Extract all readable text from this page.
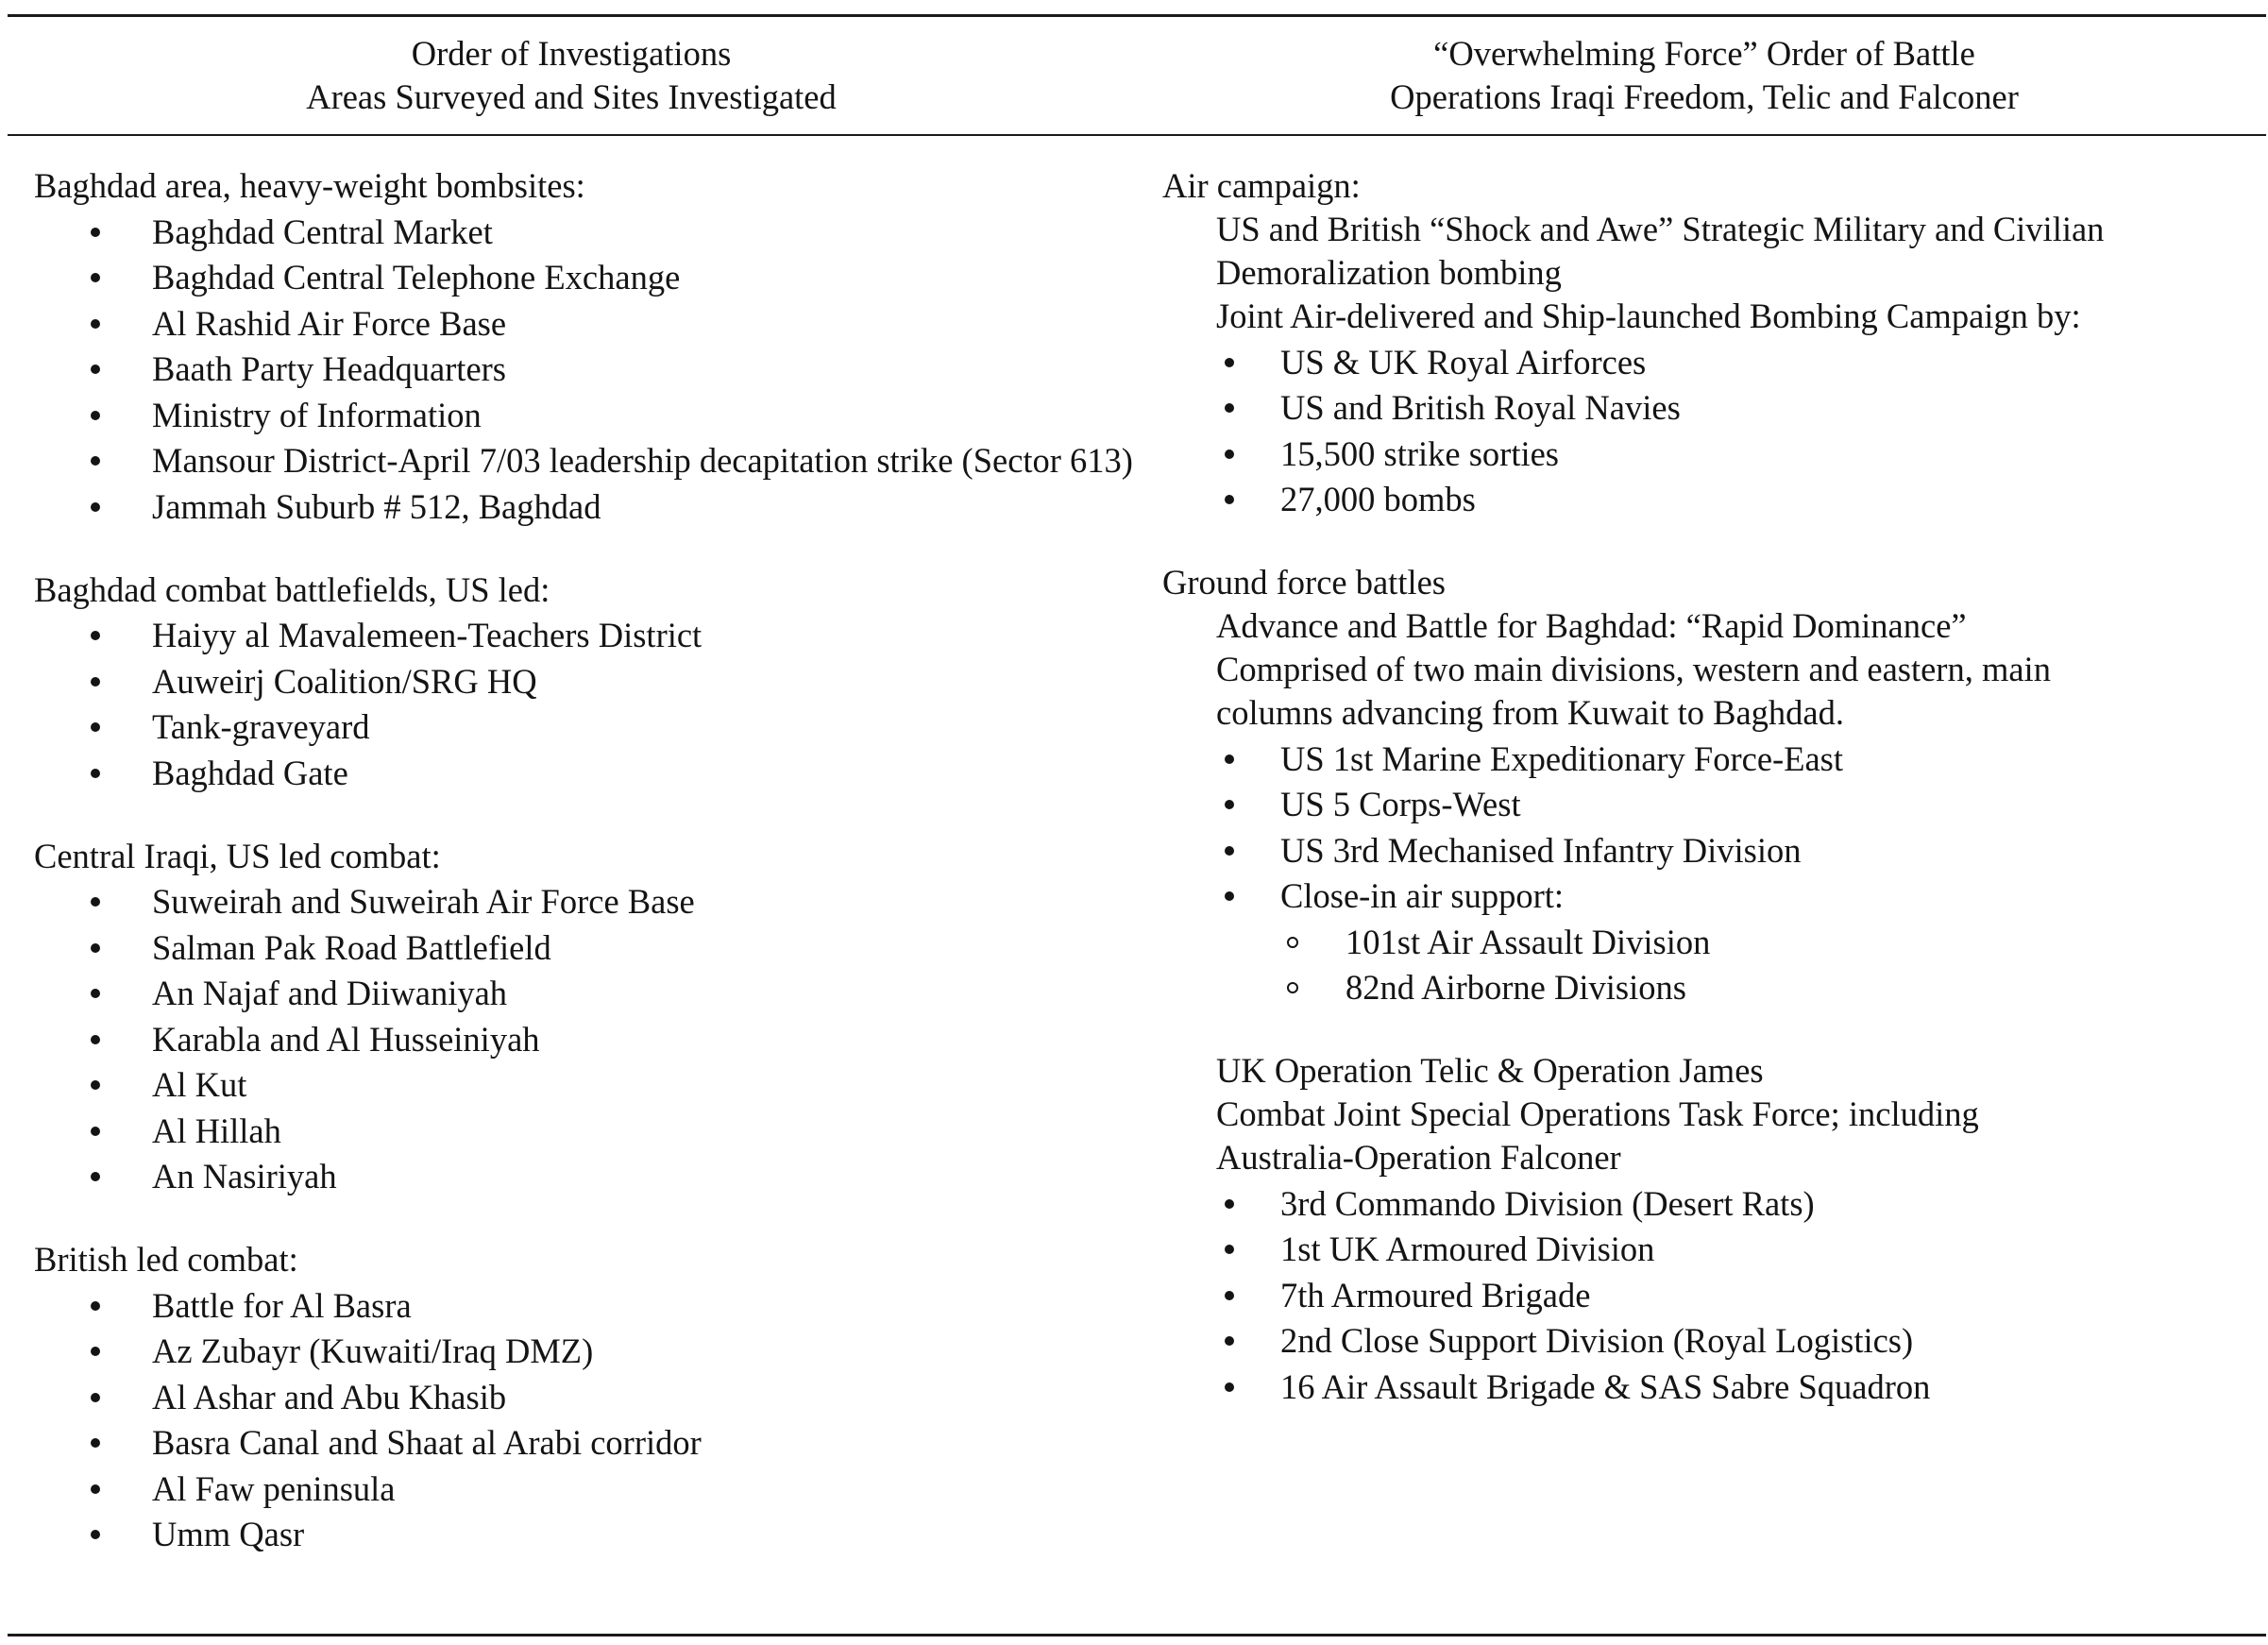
Order of Investigations
Areas Surveyed and Sites Investigated
“Overwhelming Force” Order of Battle
Operations Iraqi Freedom, Telic and Falconer
Baghdad area, heavy-weight bombsites:
Baghdad Central Market
Baghdad Central Telephone Exchange
Al Rashid Air Force Base
Baath Party Headquarters
Ministry of Information
Mansour District-April 7/03 leadership decapitation strike (Sector 613)
Jammah Suburb # 512, Baghdad
Baghdad combat battlefields, US led:
Haiyy al Mavalemeen-Teachers District
Auweirj Coalition/SRG HQ
Tank-graveyard
Baghdad Gate
Central Iraqi, US led combat:
Suweirah and Suweirah Air Force Base
Salman Pak Road Battlefield
An Najaf and Diiwaniyah
Karabla and Al Husseiniyah
Al Kut
Al Hillah
An Nasiriyah
British led combat:
Battle for Al Basra
Az Zubayr (Kuwaiti/Iraq DMZ)
Al Ashar and Abu Khasib
Basra Canal and Shaat al Arabi corridor
Al Faw peninsula
Umm Qasr
Air campaign:
US and British “Shock and Awe” Strategic Military and Civilian
Demoralization bombing
Joint Air-delivered and Ship-launched Bombing Campaign by:
US & UK Royal Airforces
US and British Royal Navies
15,500 strike sorties
27,000 bombs
Ground force battles
Advance and Battle for Baghdad: “Rapid Dominance”
Comprised of two main divisions, western and eastern, main
columns advancing from Kuwait to Baghdad.
US 1st Marine Expeditionary Force-East
US 5 Corps-West
US 3rd Mechanised Infantry Division
Close-in air support:
101st Air Assault Division
82nd Airborne Divisions
UK Operation Telic & Operation James
Combat Joint Special Operations Task Force; including
Australia-Operation Falconer
3rd Commando Division (Desert Rats)
1st UK Armoured Division
7th Armoured Brigade
2nd Close Support Division (Royal Logistics)
16 Air Assault Brigade & SAS Sabre Squadron
